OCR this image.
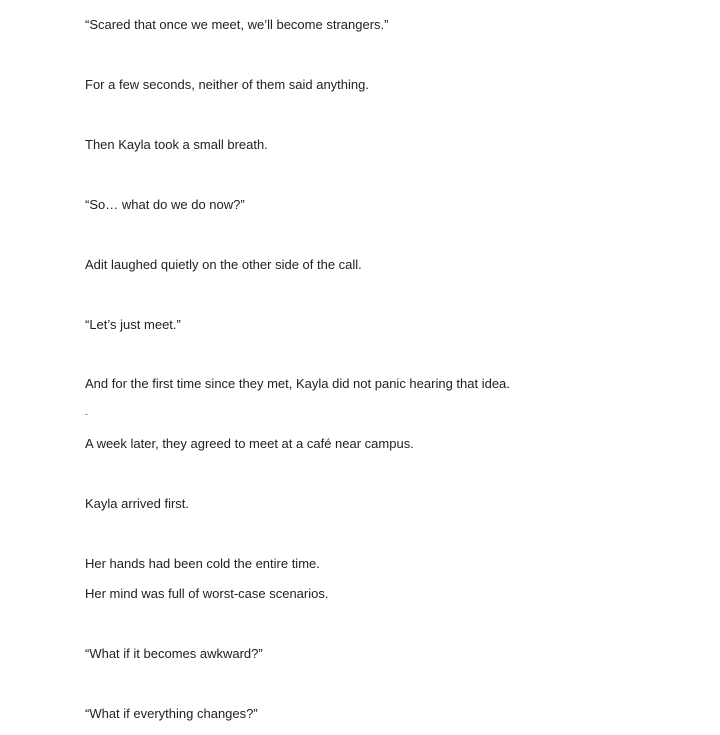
“Scared that once we meet, we’ll become strangers.”

For a few seconds, neither of them said anything.

Then Kayla took a small breath.

“So… what do we do now?”

Adit laughed quietly on the other side of the call.

“Let’s just meet.”

And for the first time since they met, Kayla did not panic hearing that idea.

-

A week later, they agreed to meet at a café near campus.

Kayla arrived first.

Her hands had been cold the entire time.

Her mind was full of worst-case scenarios.

“What if it becomes awkward?”

“What if everything changes?”
